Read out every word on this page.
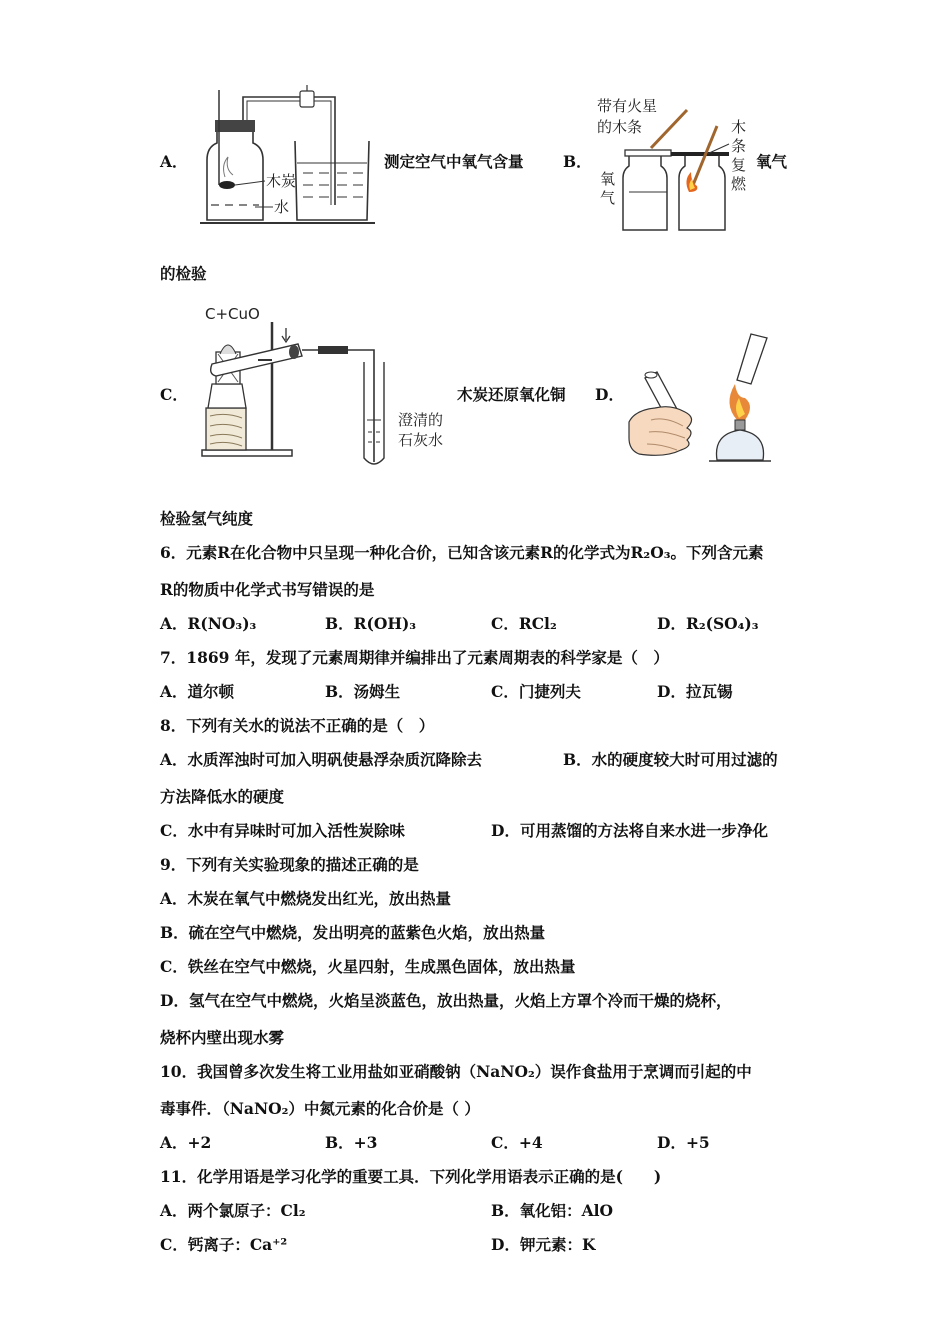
A．
木炭
水
测定空气中氧气含量	B．
带有火星的木条
氧气
木条复燃
氧气
的检验
C．
C+CuO
澄清的石灰水
木炭还原氧化铜 D．
检验氢气纯度
6．元素R在化合物中只呈现一种化合价，已知含该元素R的化学式为R₂O₃。下列含元素
R的物质中化学式书写错误的是
A．R(NO₃)₃	B．R(OH)₃	C．RCl₂	D．R₂(SO₄)₃
7．1869 年，发现了元素周期律并编排出了元素周期表的科学家是（　）
A．道尔顿	B．汤姆生	C．门捷列夫	D．拉瓦锡
8．下列有关水的说法不正确的是（　）
A．水质浑浊时可加入明矾使悬浮杂质沉降除去	B．水的硬度较大时可用过滤的
方法降低水的硬度
C．水中有异味时可加入活性炭除味	D．可用蒸馏的方法将自来水进一步净化
9．下列有关实验现象的描述正确的是
A．木炭在氧气中燃烧发出红光，放出热量
B．硫在空气中燃烧，发出明亮的蓝紫色火焰，放出热量
C．铁丝在空气中燃烧，火星四射，生成黑色固体，放出热量
D．氢气在空气中燃烧，火焰呈淡蓝色，放出热量，火焰上方罩个冷而干燥的烧杯，
烧杯内壁出现水雾
10．我国曾多次发生将工业用盐如亚硝酸钠（NaNO₂）误作食盐用于烹调而引起的中
毒事件．（NaNO₂）中氮元素的化合价是（ ）
A．+2	B．+3	C．+4	D．+5
11．化学用语是学习化学的重要工具．下列化学用语表示正确的是(　　)
A．两个氯原子：Cl₂	B．氧化铝：AlO
C．钙离子：Ca⁺²	D．钾元素：K
